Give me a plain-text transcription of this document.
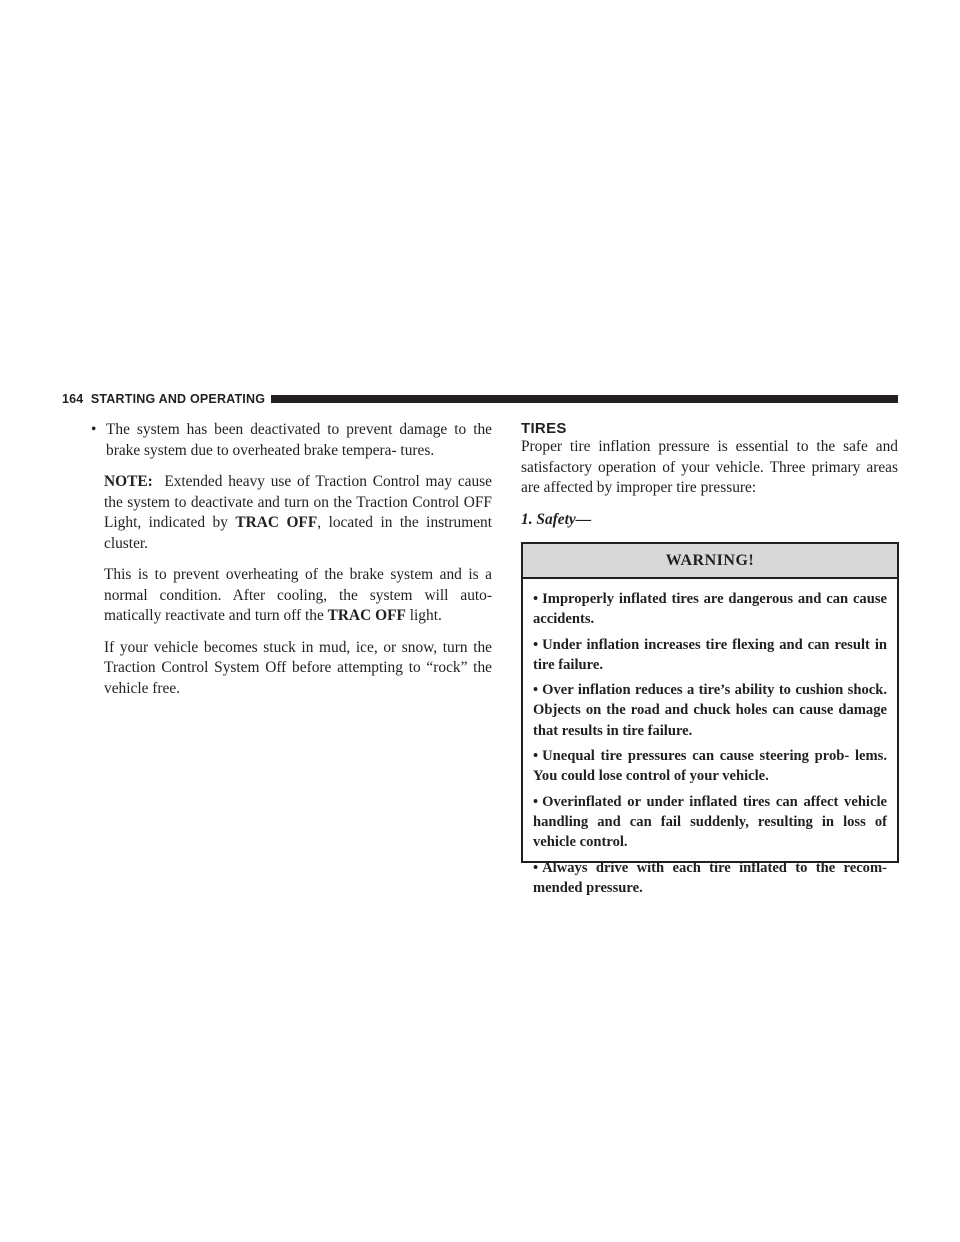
164 STARTING AND OPERATING

• The system has been deactivated to prevent damage to the brake system due to overheated brake tempera- tures.

NOTE: Extended heavy use of Traction Control may cause the system to deactivate and turn on the Traction Control OFF Light, indicated by TRAC OFF, located in the instrument cluster.

This is to prevent overheating of the brake system and is a normal condition. After cooling, the system will auto- matically reactivate and turn off the TRAC OFF light.

If your vehicle becomes stuck in mud, ice, or snow, turn the Traction Control System Off before attempting to “rock” the vehicle free.

TIRES

Proper tire inflation pressure is essential to the safe and satisfactory operation of your vehicle. Three primary areas are affected by improper tire pressure:

1. Safety—

WARNING!

• Improperly inflated tires are dangerous and can cause accidents.

• Under inflation increases tire flexing and can result in tire failure.

• Over inflation reduces a tire’s ability to cushion shock. Objects on the road and chuck holes can cause damage that results in tire failure.

• Unequal tire pressures can cause steering prob- lems. You could lose control of your vehicle.

• Overinflated or under inflated tires can affect vehicle handling and can fail suddenly, resulting in loss of vehicle control.

• Always drive with each tire inflated to the recom- mended pressure.
